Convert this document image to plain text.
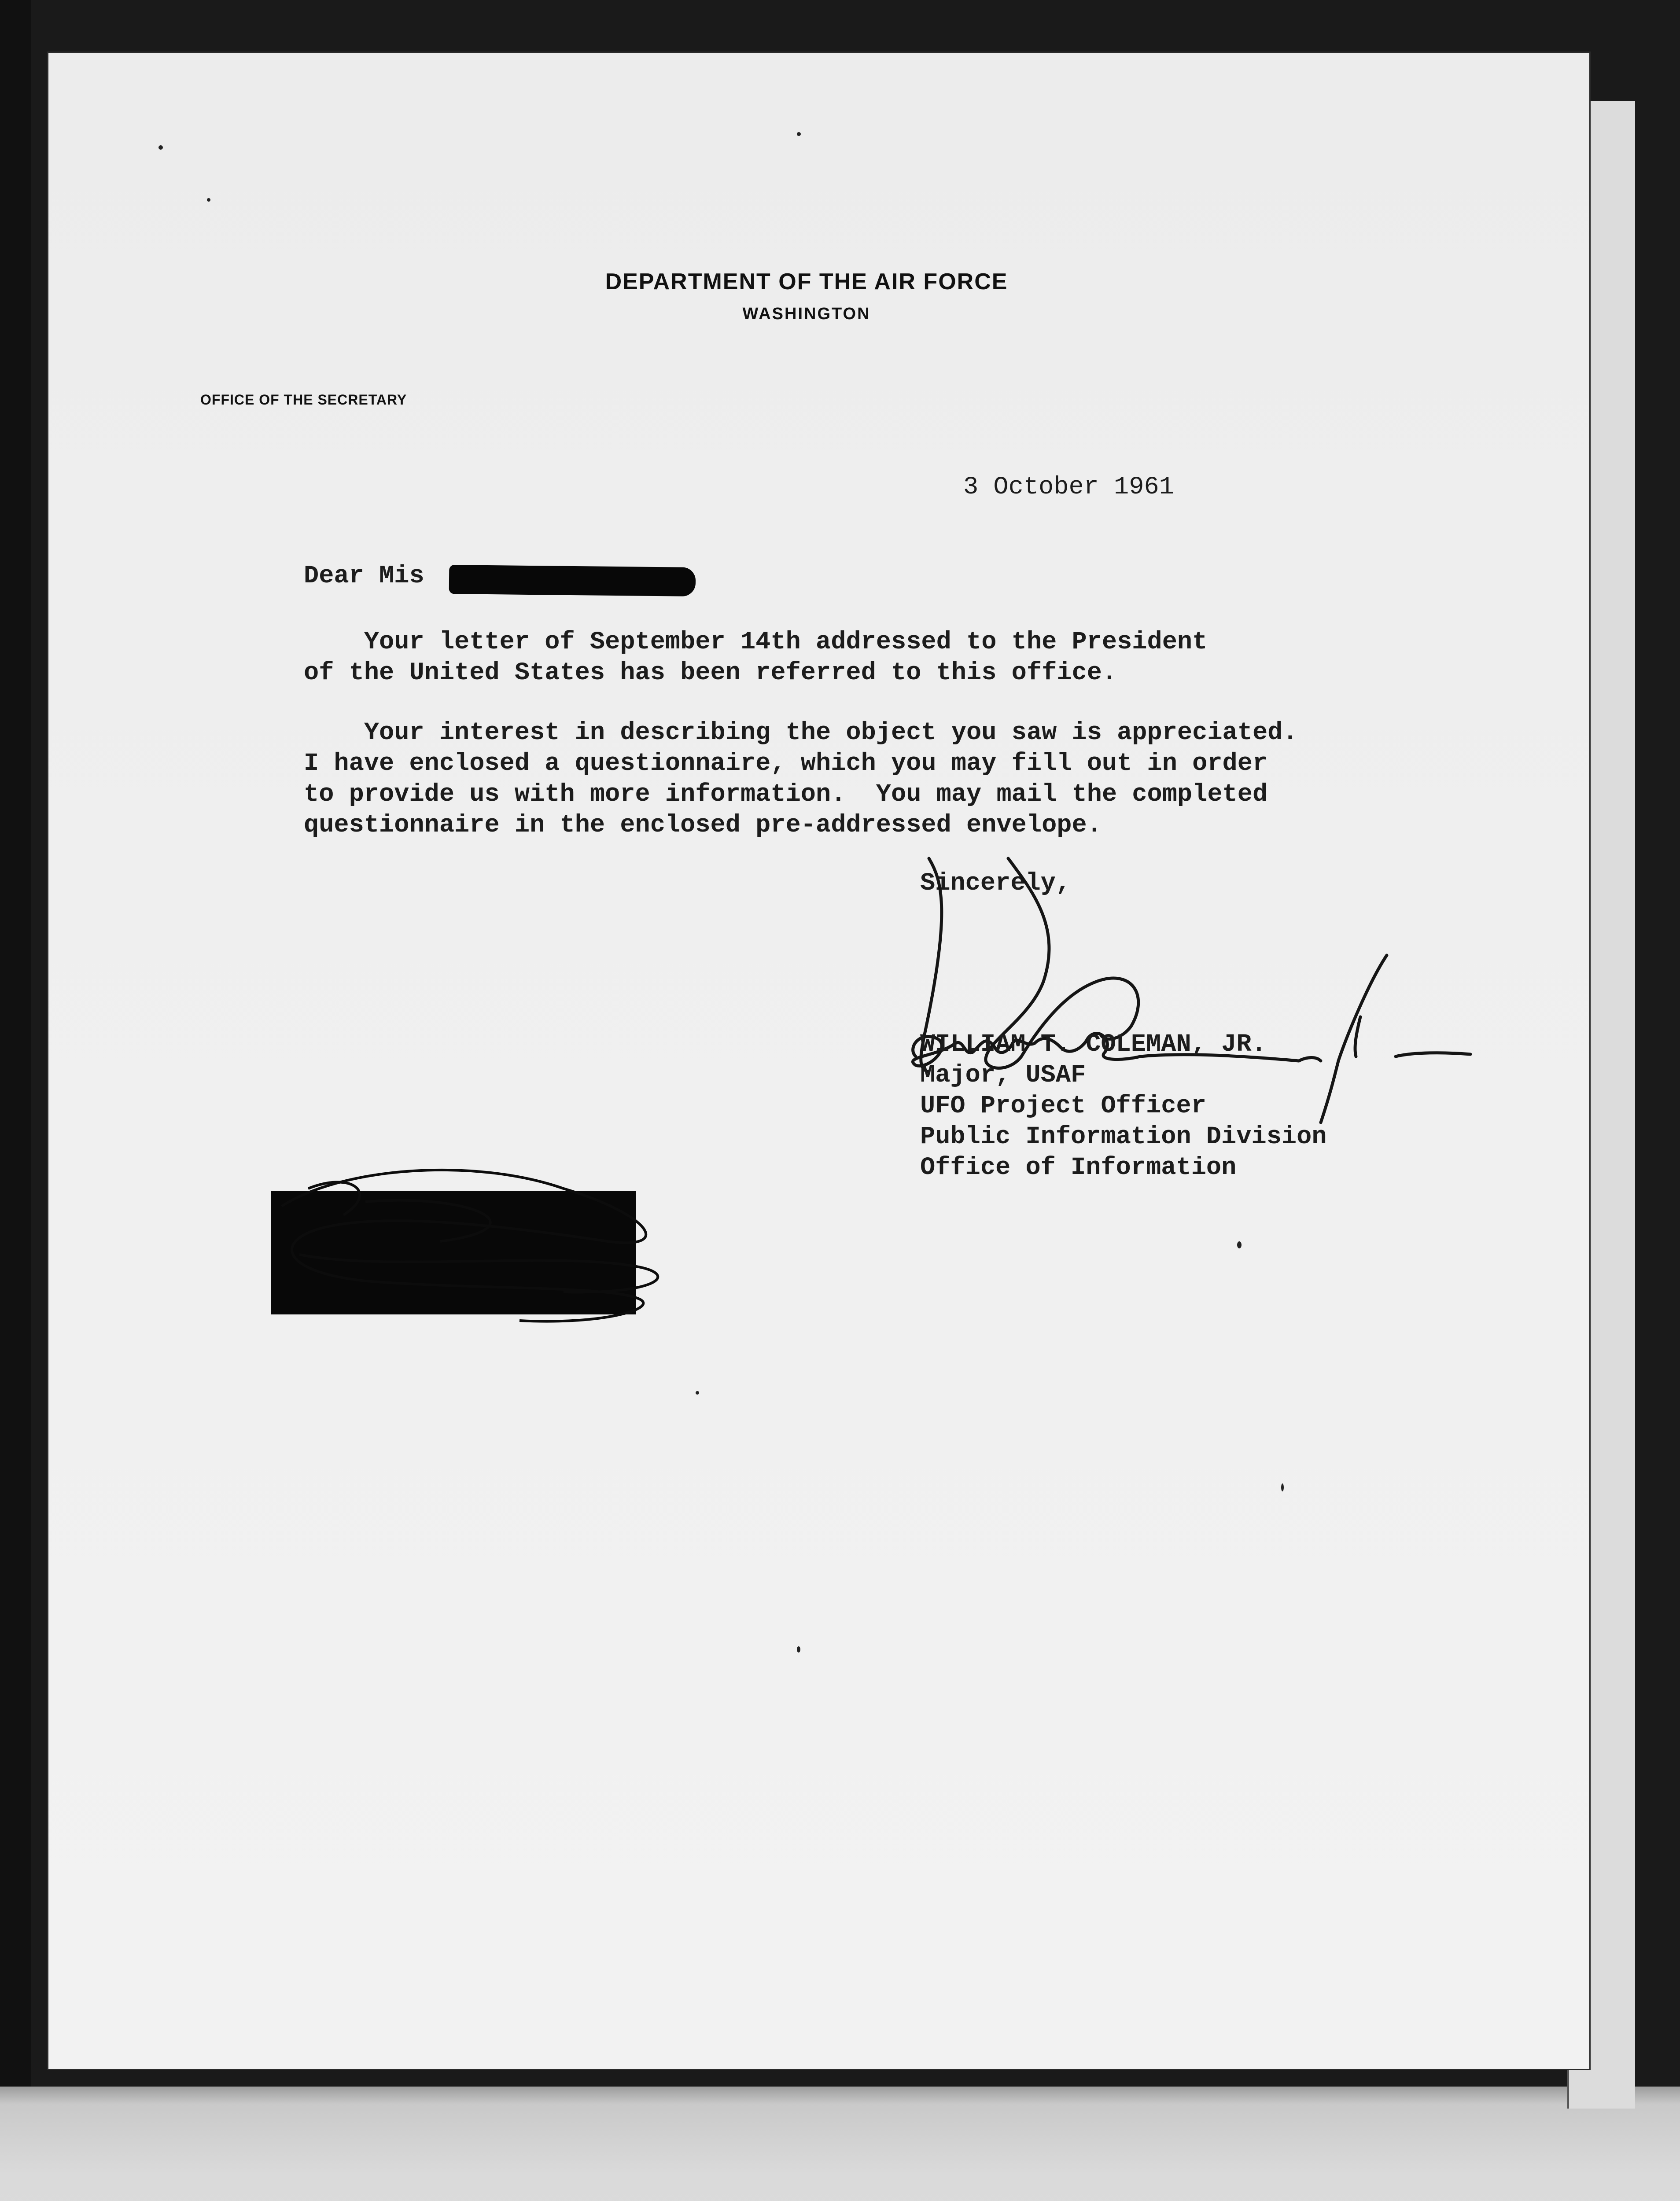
DEPARTMENT OF THE AIR FORCE
WASHINGTON
OFFICE OF THE SECRETARY
3 October 1961
Dear Mis
Your letter of September 14th addressed to the President
of the United States has been referred to this office.
Your interest in describing the object you saw is appreciated.
I have enclosed a questionnaire, which you may fill out in order
to provide us with more information.  You may mail the completed
questionnaire in the enclosed pre-addressed envelope.
Sincerely,
WILLIAM T. COLEMAN, JR.
Major, USAF
UFO Project Officer
Public Information Division
Office of Information
